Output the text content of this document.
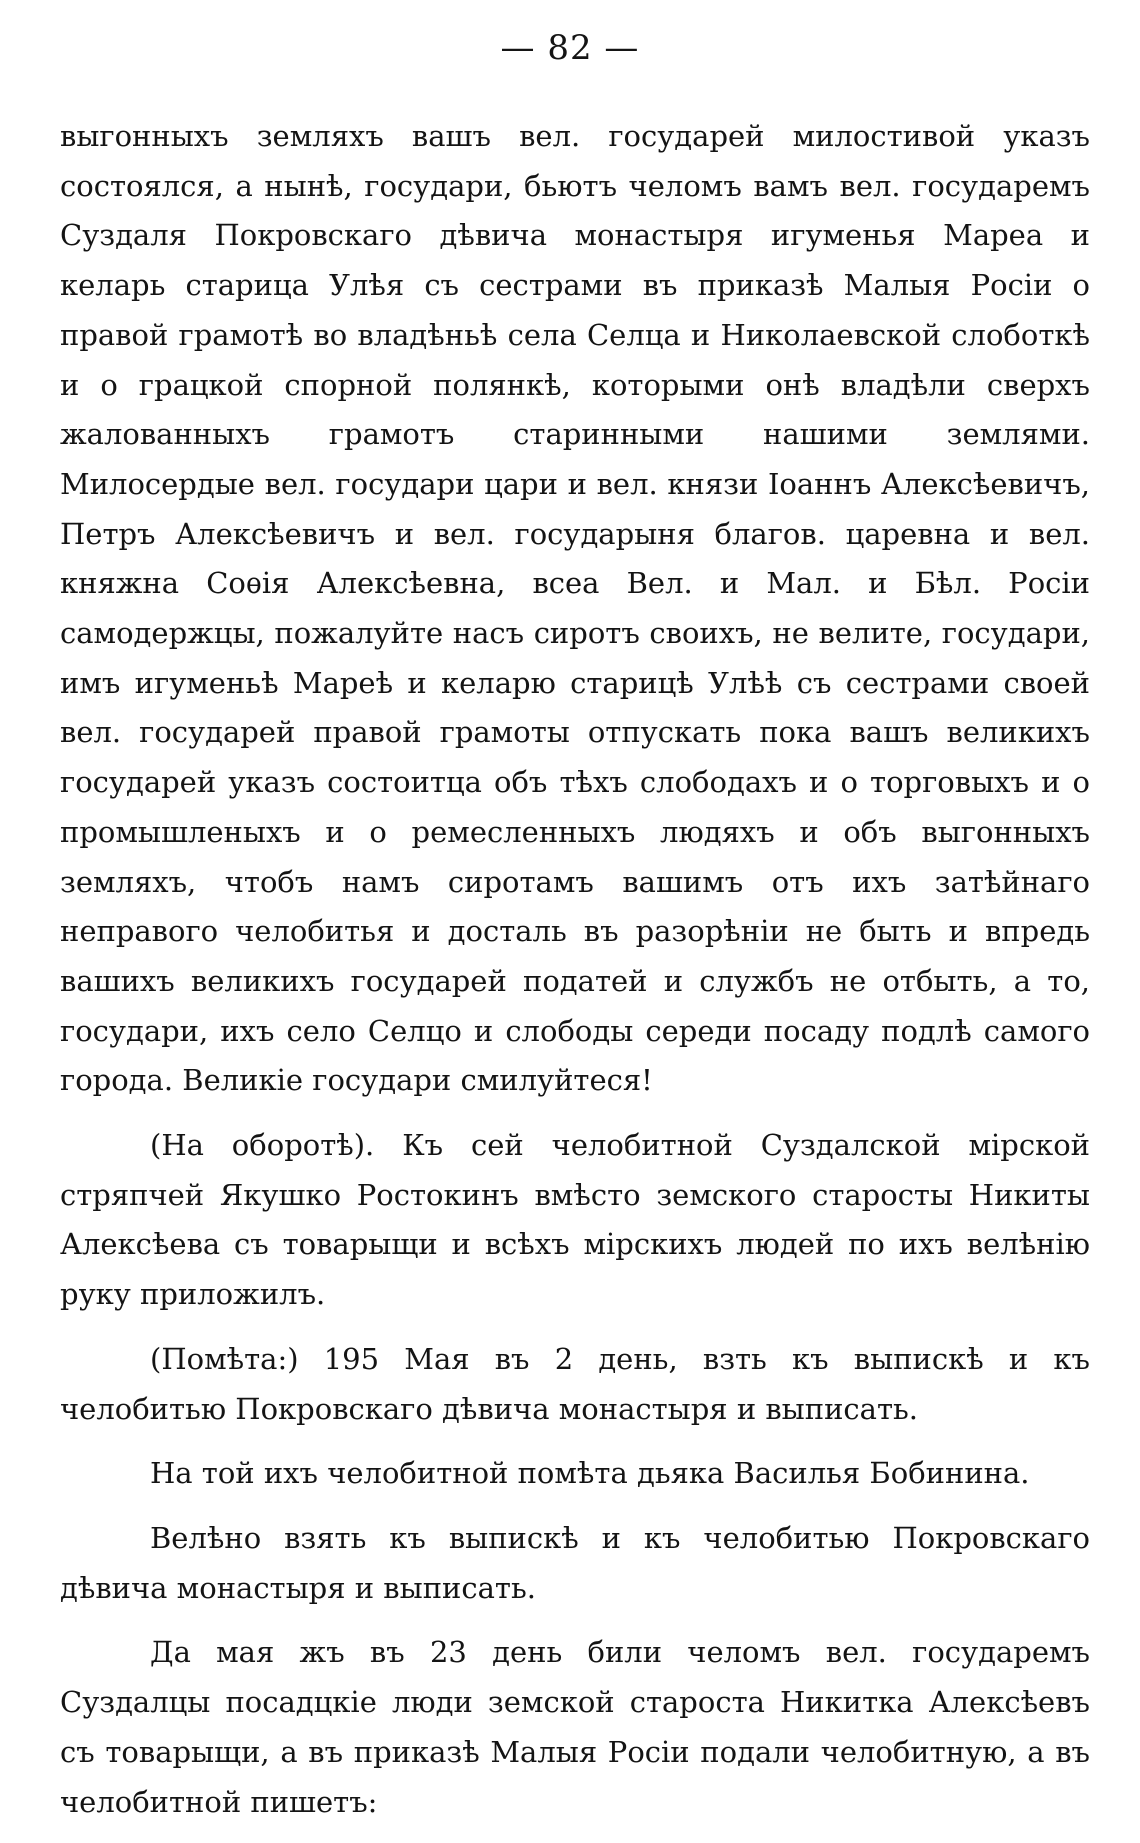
— 82 —

выгонныхъ земляхъ вашъ вел. государей милостивой указъ состоялся, а нынѣ, государи, бьютъ челомъ вамъ вел. государемъ Суздаля Покровскаго дѣвича монастыря игуменья Мареа и келарь старица Улѣя съ сестрами въ приказѣ Малыя Росіи о правой грамотѣ во владѣньѣ села Селца и Николаевской слоботкѣ и о грацкой спорной полянкѣ, которыми онѣ владѣли сверхъ жалованныхъ грамотъ старинными нашими землями. Милосердые вел. государи цари и вел. князи Іоаннъ Алексѣевичъ, Петръ Алексѣевичъ и вел. государыня благов. царевна и вел. княжна Соѳія Алексѣевна, всеа Вел. и Мал. и Бѣл. Росіи самодержцы, пожалуйте насъ сиротъ своихъ, не велите, государи, имъ игуменьѣ Мареѣ и келарю старицѣ Улѣѣ съ сестрами своей вел. государей правой грамоты отпускать пока вашъ великихъ государей указъ состоитца объ тѣхъ слободахъ и о торговыхъ и о промышленыхъ и о ремесленныхъ людяхъ и объ выгонныхъ земляхъ, чтобъ намъ сиротамъ вашимъ отъ ихъ затѣйнаго неправого челобитья и досталь въ разорѣніи не быть и впредь вашихъ великихъ государей податей и службъ не отбыть, а то, государи, ихъ село Селцо и слободы середи посаду подлѣ самого города. Великіе государи смилуйтеся!

(На оборотѣ). Къ сей челобитной Суздалской мірской стряпчей Якушко Ростокинъ вмѣсто земского старосты Никиты Алексѣева съ товарыщи и всѣхъ мірскихъ людей по ихъ велѣнію руку приложилъ.

(Помѣта:) 195 Мая въ 2 день, взть къ выпискѣ и къ челобитью Покровскаго дѣвича монастыря и выписать.

На той ихъ челобитной помѣта дьяка Василья Бобинина.

Велѣно взять къ выпискѣ и къ челобитью Покровскаго дѣвича монастыря и выписать.

Да мая жъ въ 23 день били челомъ вел. государемъ Суздалцы посадцкіе люди земской староста Никитка Алексѣевъ съ товарыщи, а въ приказѣ Малыя Росіи подали челобитную, а въ челобитной пишетъ:
